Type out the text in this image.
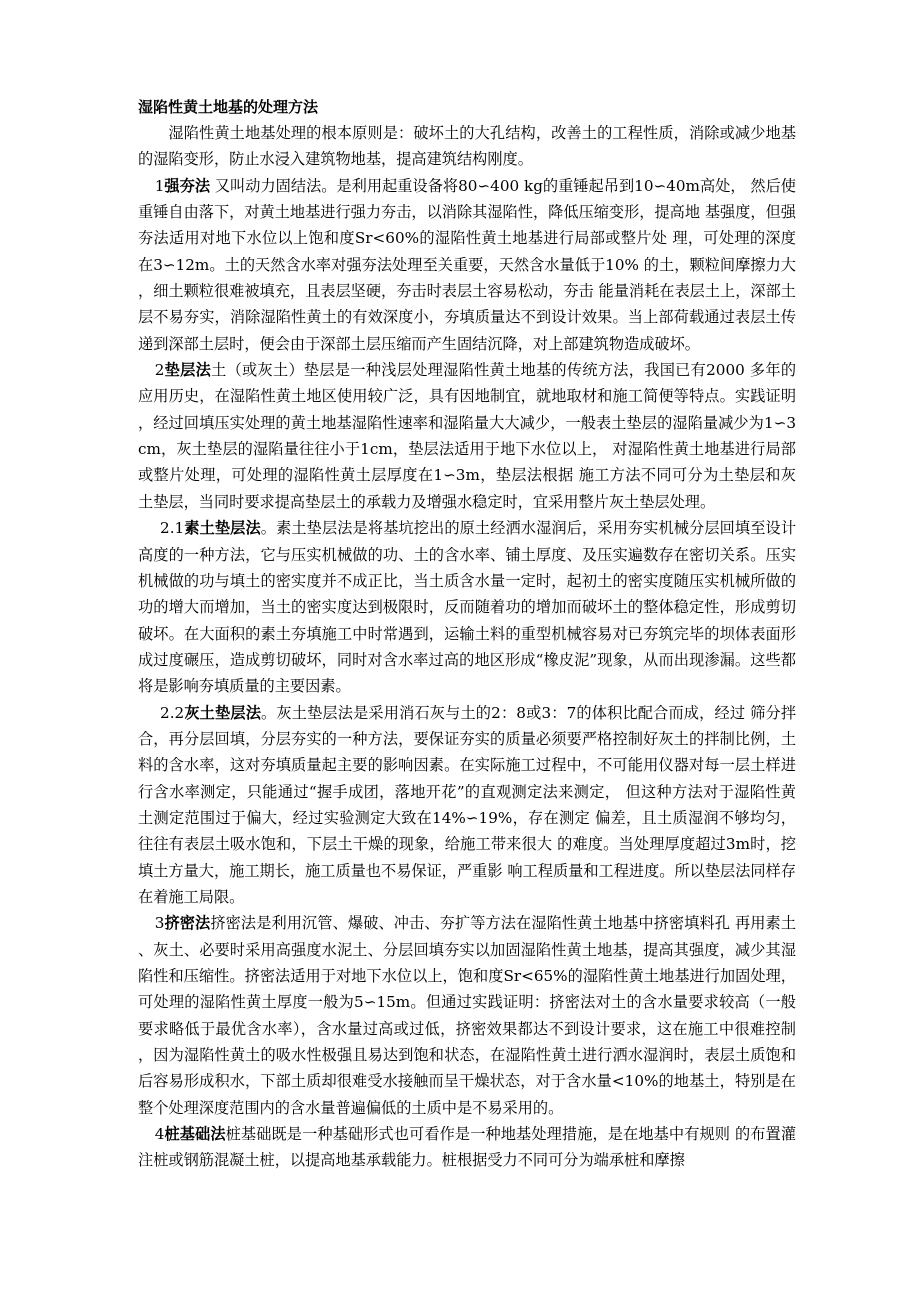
湿陷性黄土地基的处理方法

湿陷性黄土地基处理的根本原则是：破坏土的大孔结构，改善土的工程性质，消除或减少地基的湿陷变形，防止水浸入建筑物地基，提高建筑结构刚度。

1强夯法 又叫动力固结法。是利用起重设备将80∽400 kg的重锤起吊到10∽40m高处， 然后使重锤自由落下，对黄土地基进行强力夯击，以消除其湿陷性，降低压缩变形，提高地 基强度，但强夯法适用对地下水位以上饱和度Sr<60%的湿陷性黄土地基进行局部或整片处 理，可处理的深度在3∽12m。土的天然含水率对强夯法处理至关重要，天然含水量低于10% 的土，颗粒间摩擦力大，细土颗粒很难被填充，且表层坚硬，夯击时表层土容易松动，夯击 能量消耗在表层土上，深部土层不易夯实，消除湿陷性黄土的有效深度小，夯填质量达不到设计效果。当上部荷载通过表层土传递到深部土层时，便会由于深部土层压缩而产生固结沉降，对上部建筑物造成破坏。

2垫层法土（或灰土）垫层是一种浅层处理湿陷性黄土地基的传统方法，我国已有2000 多年的应用历史，在湿陷性黄土地区使用较广泛，具有因地制宜，就地取材和施工简便等特点。实践证明，经过回填压实处理的黄土地基湿陷性速率和湿陷量大大减少，一般表土垫层的湿陷量减少为1∽3cm，灰土垫层的湿陷量往往小于1cm，垫层法适用于地下水位以上， 对湿陷性黄土地基进行局部或整片处理，可处理的湿陷性黄土层厚度在1∽3m，垫层法根据 施工方法不同可分为土垫层和灰土垫层，当同时要求提高垫层土的承载力及增强水稳定时，宜采用整片灰土垫层处理。

2.1素土垫层法。素土垫层法是将基坑挖出的原土经洒水湿润后，采用夯实机械分层回填至设计高度的一种方法，它与压实机械做的功、土的含水率、铺土厚度、及压实遍数存在密切关系。压实机械做的功与填土的密实度并不成正比，当土质含水量一定时，起初土的密实度随压实机械所做的功的增大而增加，当土的密实度达到极限时，反而随着功的增加而破坏土的整体稳定性，形成剪切破坏。在大面积的素土夯填施工中时常遇到，运输土料的重型机械容易对已夯筑完毕的坝体表面形成过度碾压，造成剪切破坏，同时对含水率过高的地区形成“橡皮泥”现象，从而出现渗漏。这些都将是影响夯填质量的主要因素。

2.2灰土垫层法。灰土垫层法是采用消石灰与土的2：8或3：7的体积比配合而成，经过 筛分拌合，再分层回填，分层夯实的一种方法，要保证夯实的质量必须要严格控制好灰土的拌制比例，土料的含水率，这对夯填质量起主要的影响因素。在实际施工过程中，不可能用仪器对每一层土样进行含水率测定，只能通过“握手成团，落地开花”的直观测定法来测定， 但这种方法对于湿陷性黄土测定范围过于偏大，经过实验测定大致在14%∽19%，存在测定 偏差，且土质湿润不够均匀，往往有表层土吸水饱和，下层土干燥的现象，给施工带来很大 的难度。当处理厚度超过3m时，挖填土方量大，施工期长，施工质量也不易保证，严重影 响工程质量和工程进度。所以垫层法同样存在着施工局限。

3挤密法挤密法是利用沉管、爆破、冲击、夯扩等方法在湿陷性黄土地基中挤密填料孔 再用素土、灰土、必要时采用高强度水泥土、分层回填夯实以加固湿陷性黄土地基，提高其强度，减少其湿陷性和压缩性。挤密法适用于对地下水位以上，饱和度Sr<65%的湿陷性黄土地基进行加固处理，可处理的湿陷性黄土厚度一般为5∽15m。但通过实践证明：挤密法对土的含水量要求较高（一般要求略低于最优含水率），含水量过高或过低，挤密效果都达不到设计要求，这在施工中很难控制，因为湿陷性黄土的吸水性极强且易达到饱和状态，在湿陷性黄土进行洒水湿润时，表层土质饱和后容易形成积水，下部土质却很难受水接触而呈干燥状态，对于含水量<10%的地基土，特别是在整个处理深度范围内的含水量普遍偏低的土质中是不易采用的。

4桩基础法桩基础既是一种基础形式也可看作是一种地基处理措施，是在地基中有规则 的布置灌注桩或钢筋混凝土桩，以提高地基承载能力。桩根据受力不同可分为端承桩和摩擦
